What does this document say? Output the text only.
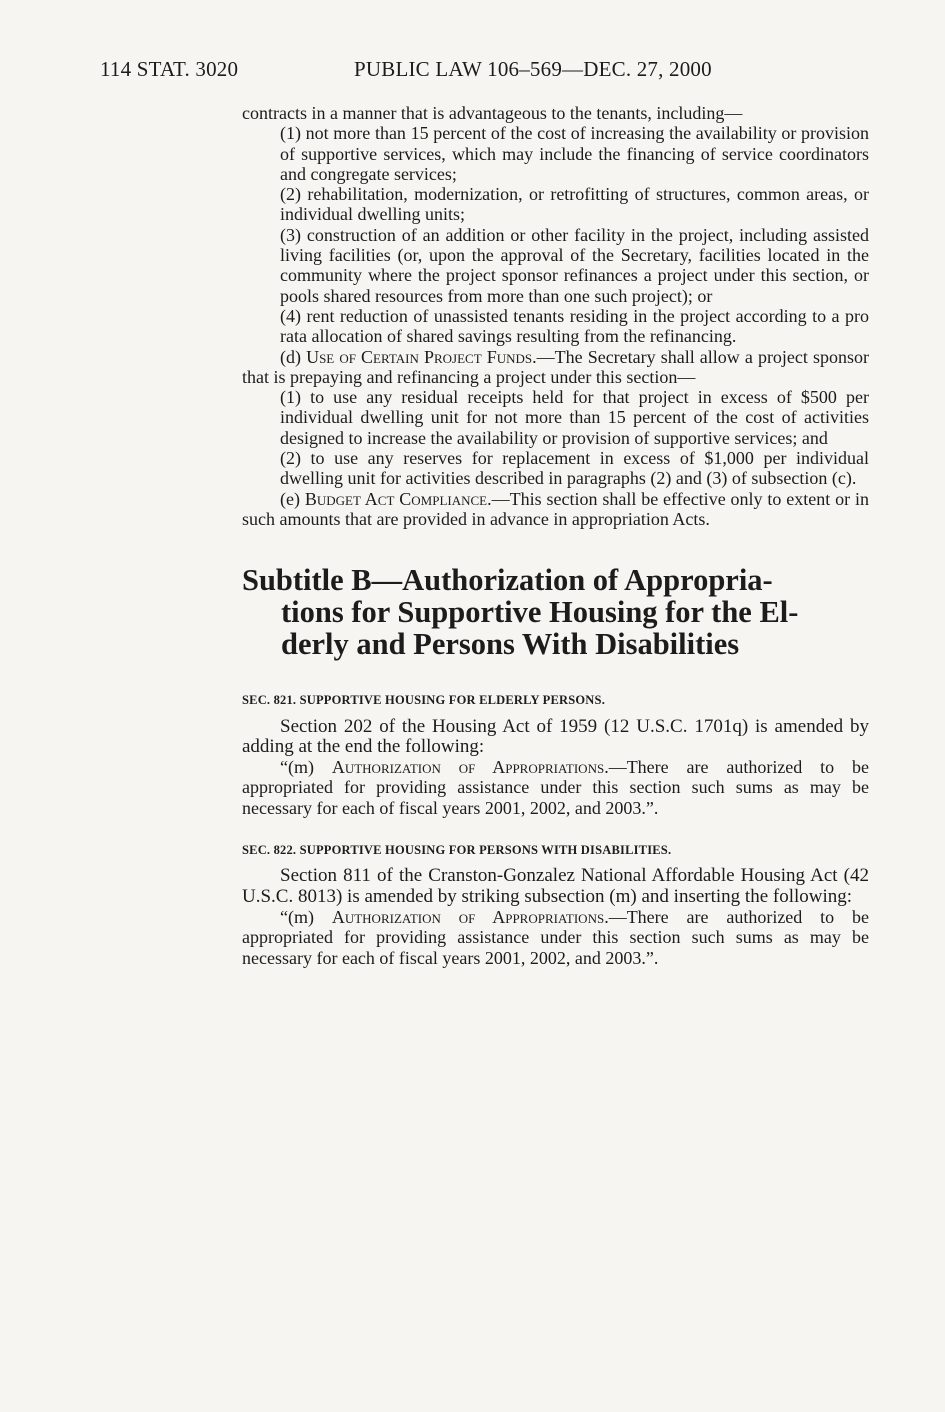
114 STAT. 3020	PUBLIC LAW 106–569—DEC. 27, 2000

contracts in a manner that is advantageous to the tenants, including—

(1) not more than 15 percent of the cost of increasing the availability or provision of supportive services, which may include the financing of service coordinators and congregate services;

(2) rehabilitation, modernization, or retrofitting of structures, common areas, or individual dwelling units;

(3) construction of an addition or other facility in the project, including assisted living facilities (or, upon the approval of the Secretary, facilities located in the community where the project sponsor refinances a project under this section, or pools shared resources from more than one such project); or

(4) rent reduction of unassisted tenants residing in the project according to a pro rata allocation of shared savings resulting from the refinancing.

(d) Use of Certain Project Funds.—The Secretary shall allow a project sponsor that is prepaying and refinancing a project under this section—

(1) to use any residual receipts held for that project in excess of $500 per individual dwelling unit for not more than 15 percent of the cost of activities designed to increase the availability or provision of supportive services; and

(2) to use any reserves for replacement in excess of $1,000 per individual dwelling unit for activities described in paragraphs (2) and (3) of subsection (c).

(e) Budget Act Compliance.—This section shall be effective only to extent or in such amounts that are provided in advance in appropriation Acts.

Subtitle B—Authorization of Appropria-

tions for Supportive Housing for the El-
derly and Persons With Disabilities
SEC. 821. SUPPORTIVE HOUSING FOR ELDERLY PERSONS.

Section 202 of the Housing Act of 1959 (12 U.S.C. 1701q) is amended by adding at the end the following:

“(m) Authorization of Appropriations.—There are authorized to be appropriated for providing assistance under this section such sums as may be necessary for each of fiscal years 2001, 2002, and 2003.”.

SEC. 822. SUPPORTIVE HOUSING FOR PERSONS WITH DISABILITIES.

Section 811 of the Cranston-Gonzalez National Affordable Housing Act (42 U.S.C. 8013) is amended by striking subsection (m) and inserting the following:

“(m) Authorization of Appropriations.—There are authorized to be appropriated for providing assistance under this section such sums as may be necessary for each of fiscal years 2001, 2002, and 2003.”.
